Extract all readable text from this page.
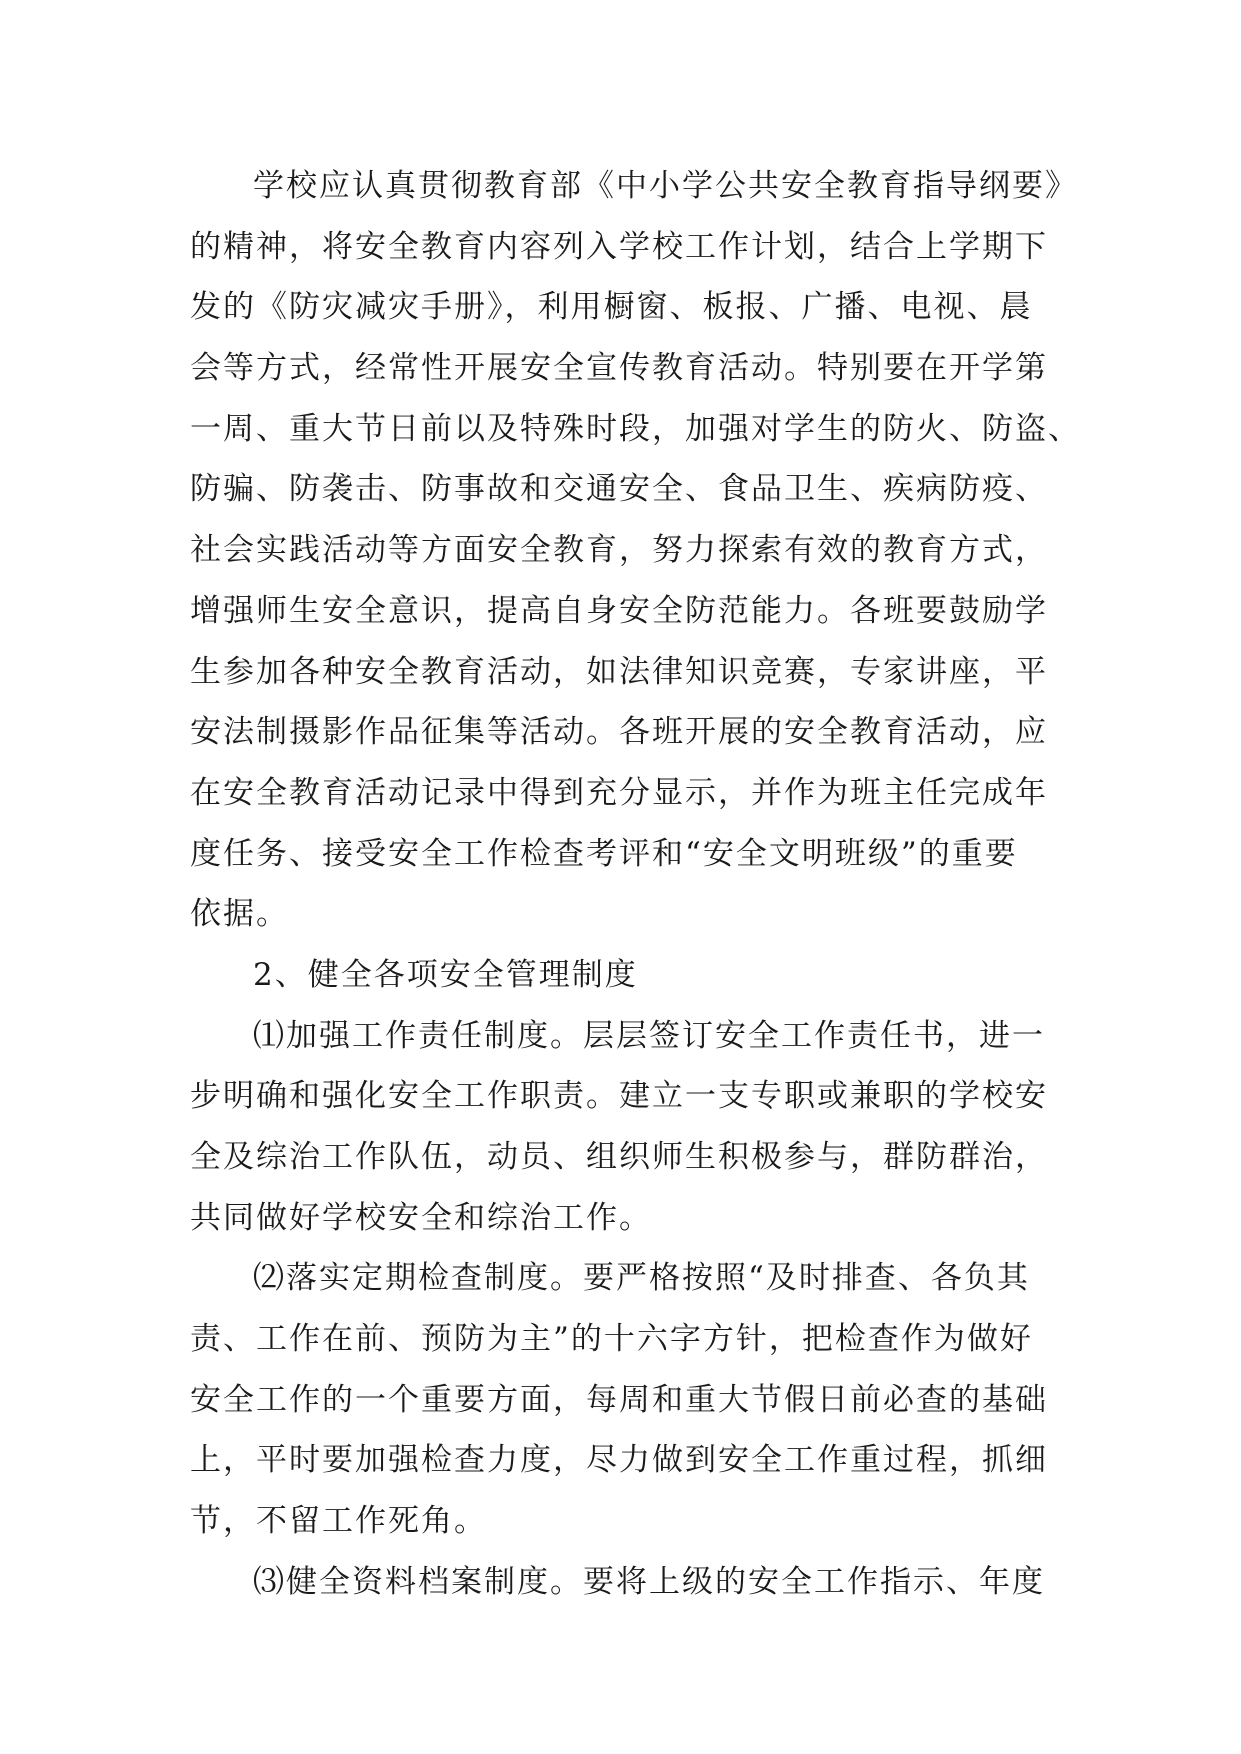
学校应认真贯彻教育部《中小学公共安全教育指导纲要》
的精神，将安全教育内容列入学校工作计划，结合上学期下
发的《防灾减灾手册》，利用橱窗、板报、广播、电视、晨
会等方式，经常性开展安全宣传教育活动。特别要在开学第
一周、重大节日前以及特殊时段，加强对学生的防火、防盗、
防骗、防袭击、防事故和交通安全、食品卫生、疾病防疫、
社会实践活动等方面安全教育，努力探索有效的教育方式，
增强师生安全意识，提高自身安全防范能力。各班要鼓励学
生参加各种安全教育活动，如法律知识竞赛，专家讲座，平
安法制摄影作品征集等活动。各班开展的安全教育活动，应
在安全教育活动记录中得到充分显示，并作为班主任完成年
度任务、接受安全工作检查考评和“安全文明班级”的重要
依据。
2、健全各项安全管理制度
⑴加强工作责任制度。层层签订安全工作责任书，进一
步明确和强化安全工作职责。建立一支专职或兼职的学校安
全及综治工作队伍，动员、组织师生积极参与，群防群治，
共同做好学校安全和综治工作。
⑵落实定期检查制度。要严格按照“及时排查、各负其
责、工作在前、预防为主”的十六字方针，把检查作为做好
安全工作的一个重要方面，每周和重大节假日前必查的基础
上，平时要加强检查力度，尽力做到安全工作重过程，抓细
节，不留工作死角。
⑶健全资料档案制度。要将上级的安全工作指示、年度
